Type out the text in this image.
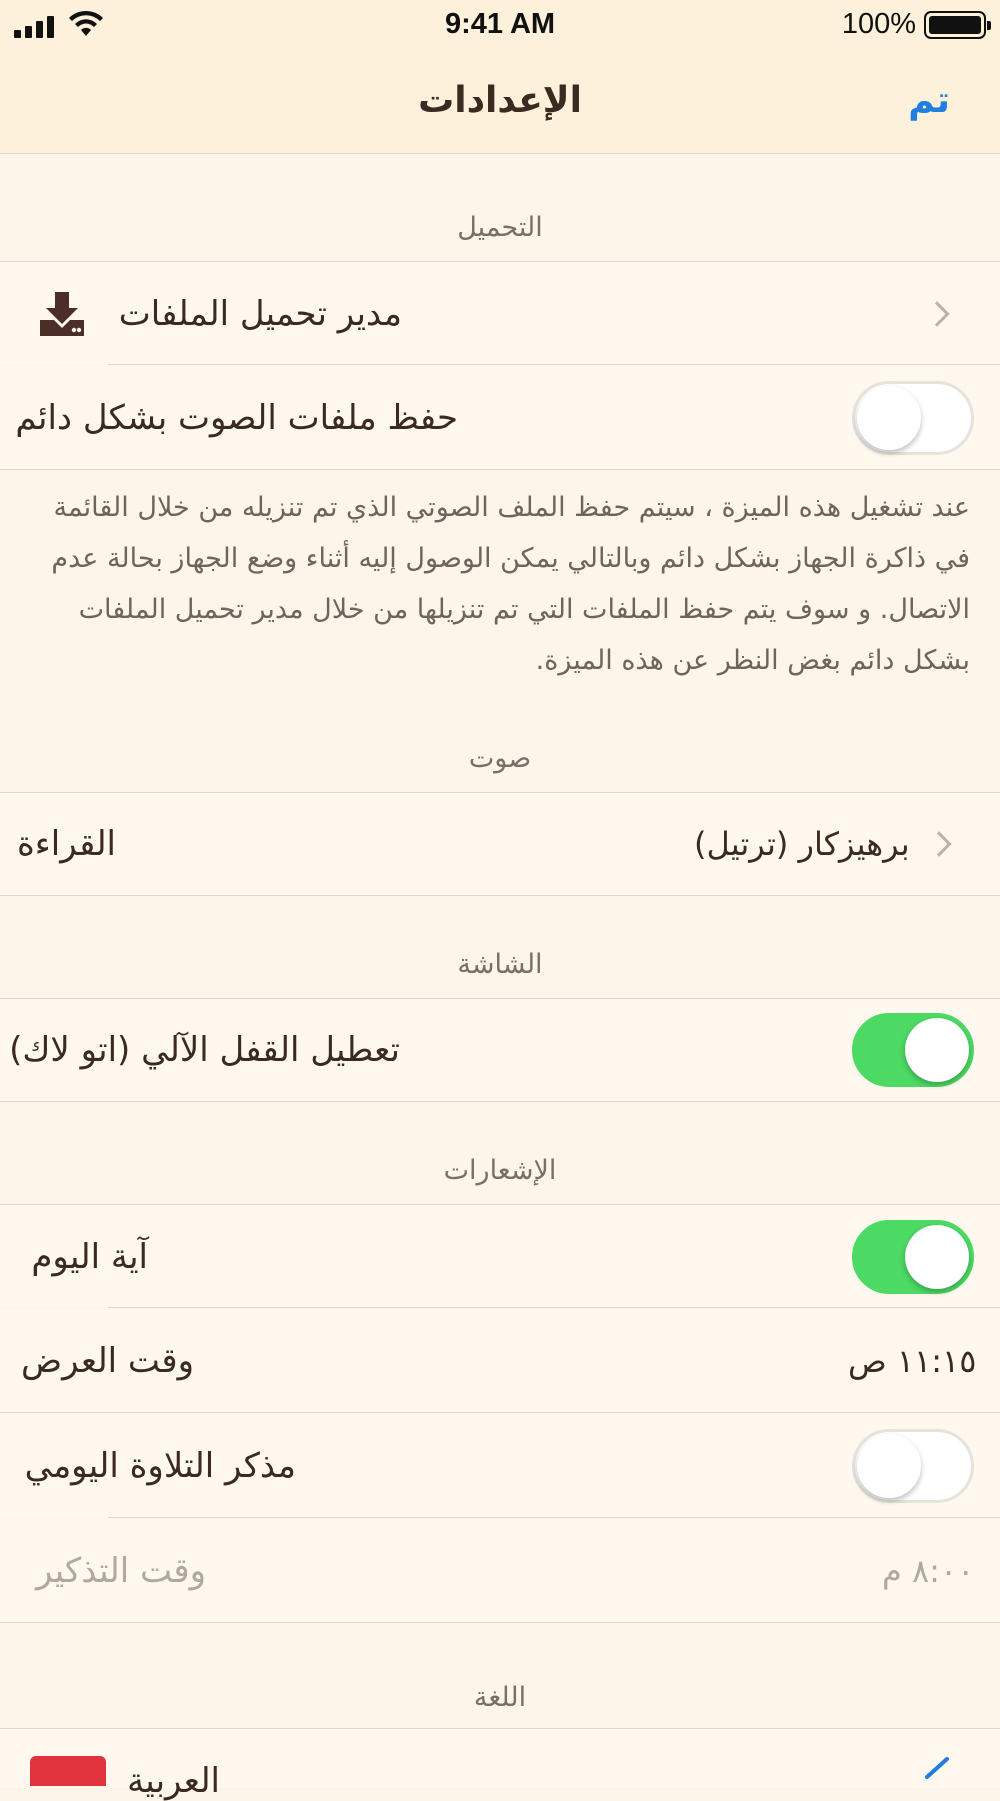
9:41 AM	100%
الإعدادات	تم
التحميل
مدير تحميل الملفات
حفظ ملفات الصوت بشكل دائم
عند تشغيل هذه الميزة ، سيتم حفظ الملف الصوتي الذي تم تنزيله من خلال القائمة في ذاكرة الجهاز بشكل دائم وبالتالي يمكن الوصول إليه أثناء وضع الجهاز بحالة عدم الاتصال. و سوف يتم حفظ الملفات التي تم تنزيلها من خلال مدير تحميل الملفات بشكل دائم بغض النظر عن هذه الميزة.
صوت
القراءة	برهيزكار (ترتيل)
الشاشة
تعطيل القفل الآلي (اتو لاك)
الإشعارات
آية اليوم
وقت العرض	١١:١٥ ص
مذكر التلاوة اليومي
وقت التذكير	٨:٠٠ م
اللغة
العربية
